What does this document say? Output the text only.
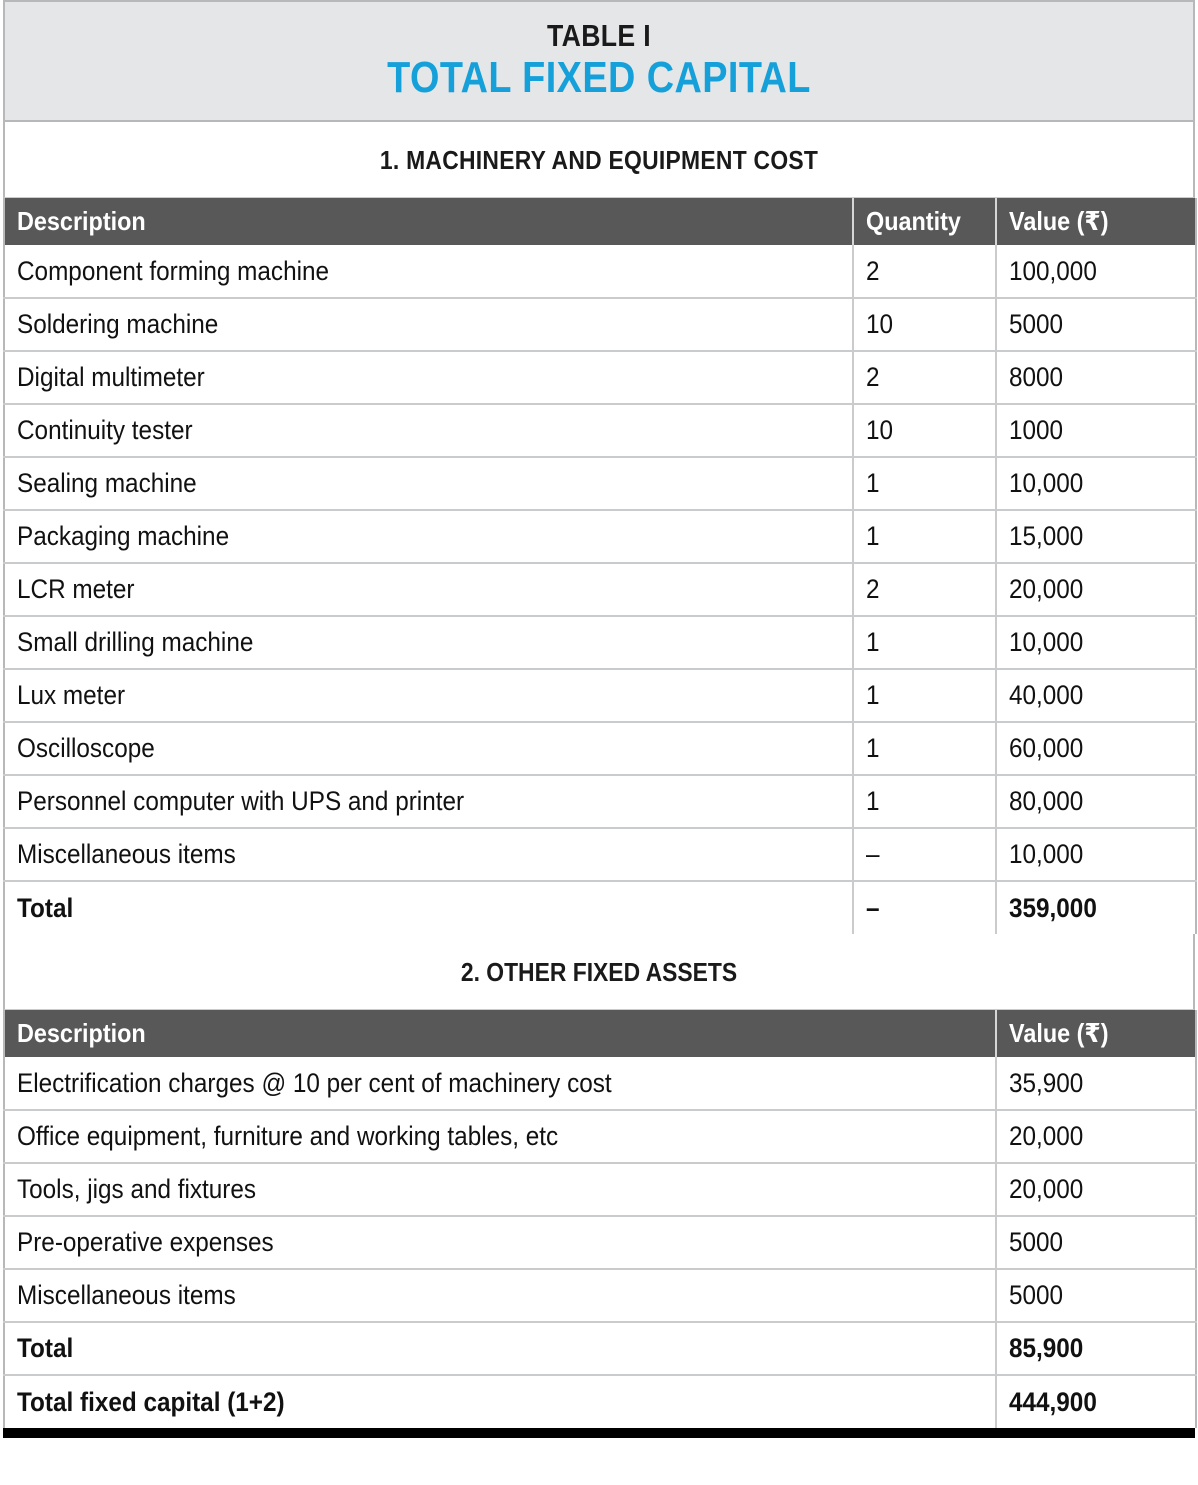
TABLE I
TOTAL FIXED CAPITAL
1. MACHINERY AND EQUIPMENT COST
Description	Quantity	Value (₹)
Component forming machine	2	100,000
Soldering machine	10	5000
Digital multimeter	2	8000
Continuity tester	10	1000
Sealing machine	1	10,000
Packaging machine	1	15,000
LCR meter	2	20,000
Small drilling machine	1	10,000
Lux meter	1	40,000
Oscilloscope	1	60,000
Personnel computer with UPS and printer	1	80,000
Miscellaneous items	–	10,000
Total	–	359,000
2. OTHER FIXED ASSETS
Description	Value (₹)
Electrification charges @ 10 per cent of machinery cost	35,900
Office equipment, furniture and working tables, etc	20,000
Tools, jigs and fixtures	20,000
Pre-operative expenses	5000
Miscellaneous items	5000
Total	85,900
Total fixed capital (1+2)	444,900
